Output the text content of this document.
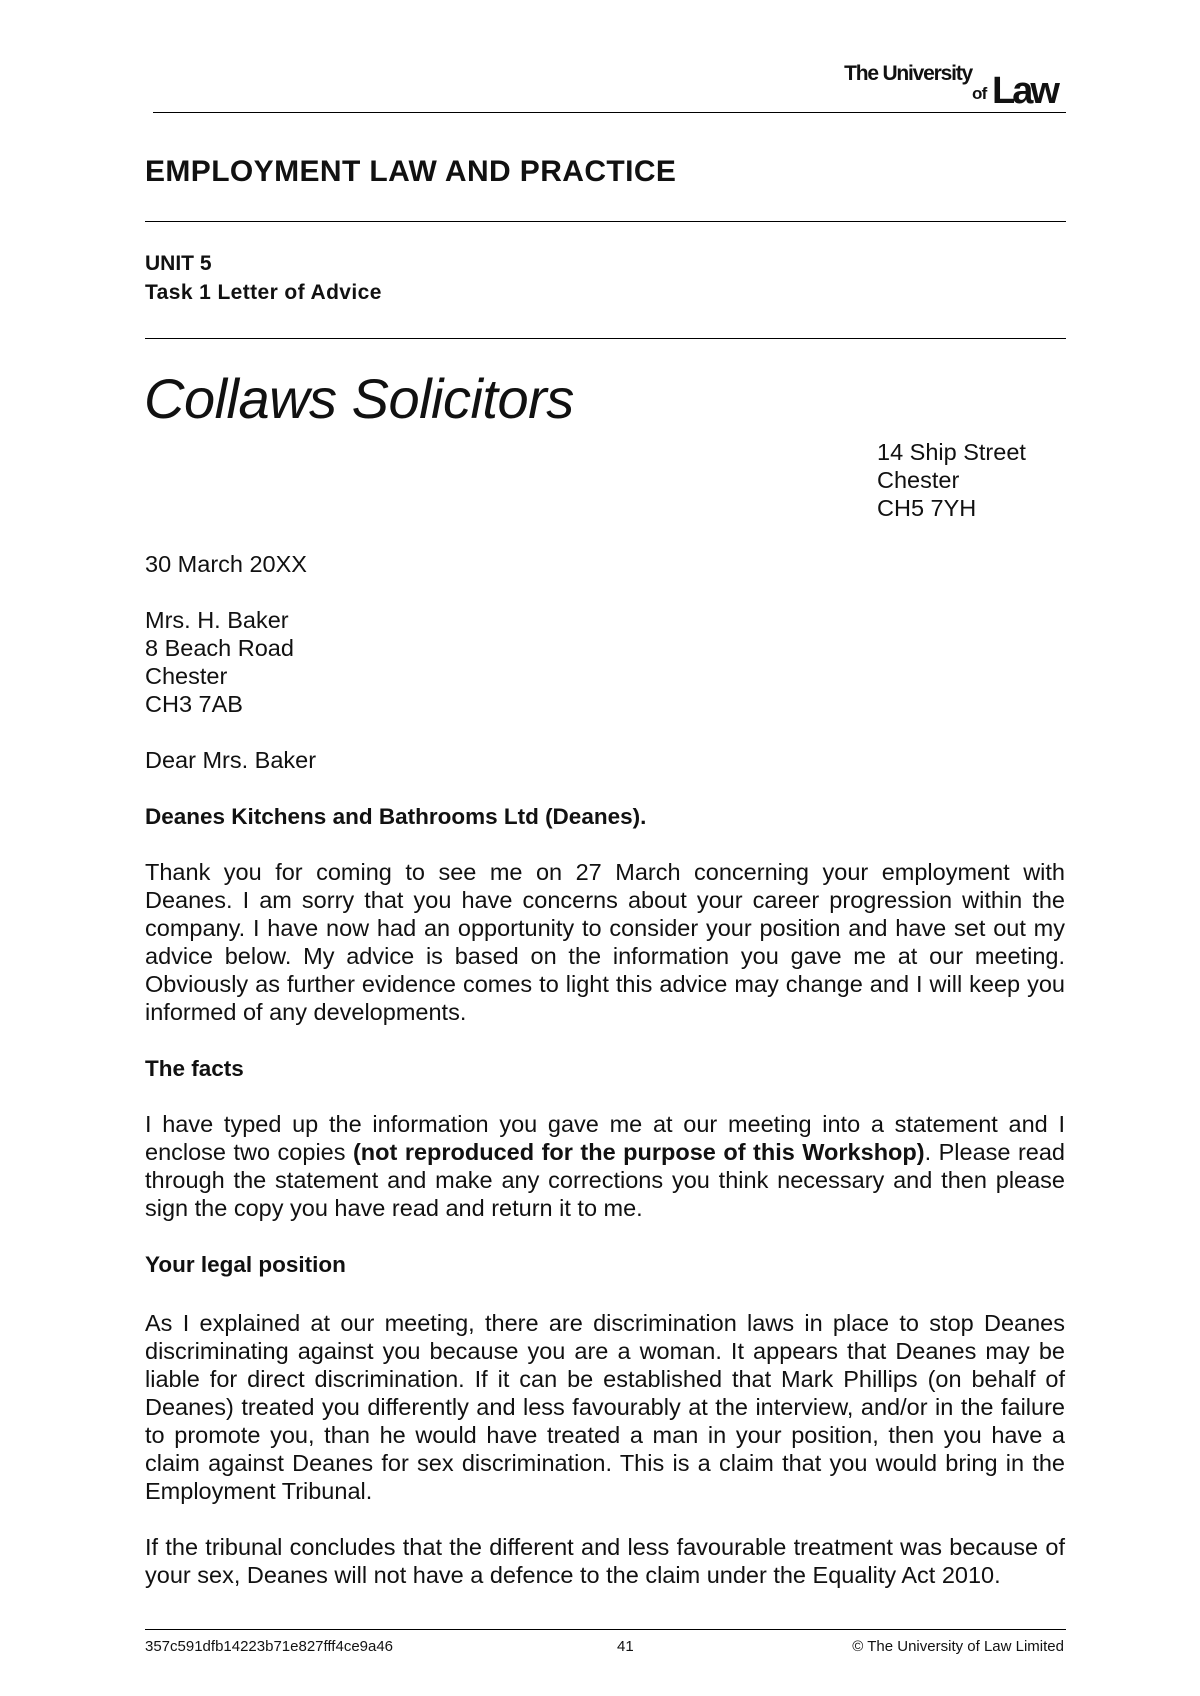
The University
of Law
EMPLOYMENT LAW AND PRACTICE
UNIT 5
Task 1 Letter of Advice
Collaws Solicitors
14 Ship Street
Chester
CH5 7YH
30 March 20XX
Mrs. H. Baker
8 Beach Road
Chester
CH3 7AB
Dear Mrs. Baker
Deanes Kitchens and Bathrooms Ltd (Deanes).
Thank you for coming to see me on 27 March concerning your employment with Deanes. I am sorry that you have concerns about your career progression within the company. I have now had an opportunity to consider your position and have set out my advice below. My advice is based on the information you gave me at our meeting. Obviously as further evidence comes to light this advice may change and I will keep you informed of any developments.
The facts
I have typed up the information you gave me at our meeting into a statement and I enclose two copies (not reproduced for the purpose of this Workshop). Please read through the statement and make any corrections you think necessary and then please sign the copy you have read and return it to me.
Your legal position
As I explained at our meeting, there are discrimination laws in place to stop Deanes discriminating against you because you are a woman. It appears that Deanes may be liable for direct discrimination. If it can be established that Mark Phillips (on behalf of Deanes) treated you differently and less favourably at the interview, and/or in the failure to promote you, than he would have treated a man in your position, then you have a claim against Deanes for sex discrimination. This is a claim that you would bring in the Employment Tribunal.
If the tribunal concludes that the different and less favourable treatment was because of your sex, Deanes will not have a defence to the claim under the Equality Act 2010.
357c591dfb14223b71e827fff4ce9a46	41	© The University of Law Limited
